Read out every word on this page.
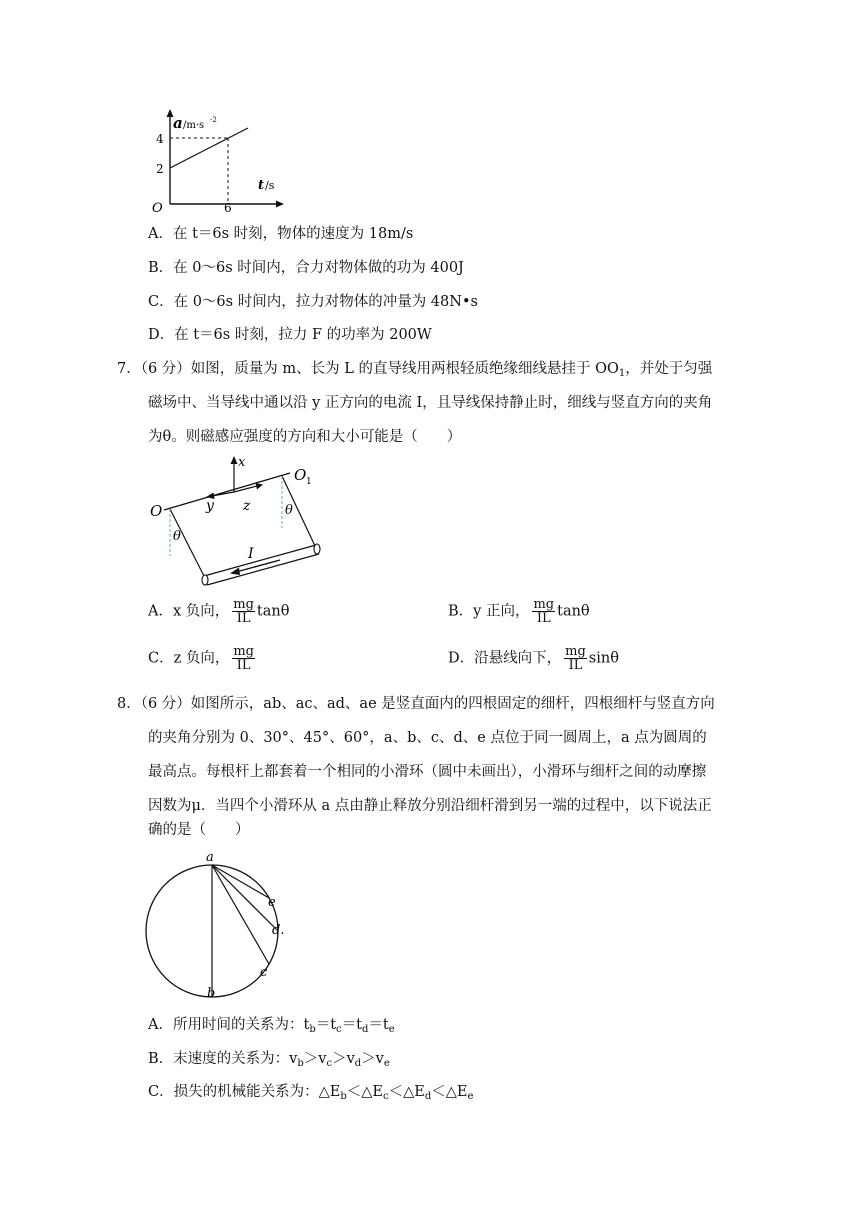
a /m·s -2
4
2
O	6
t /s
A．在 t＝6s 时刻，物体的速度为 18m/s
B．在 0～6s 时间内，合力对物体做的功为 400J
C．在 0～6s 时间内，拉力对物体的冲量为 48N•s
D．在 t＝6s 时刻，拉力 F 的功率为 200W
7．（6 分）如图，质量为 m、长为 L 的直导线用两根轻质绝缘细线悬挂于 $OO_1$，并处于匀强
磁场中、当导线中通以沿 y 正方向的电流 I，且导线保持静止时，细线与竖直方向的夹角
为θ。则磁感应强度的方向和大小可能是（　　）
x
y z
O
O 1
θ
θ
I
A．x 负向， $\frac{mg}{IL}$ tanθ	B．y 正向， $\frac{mg}{IL}$ tanθ
C．z 负向， $\frac{mg}{IL}$	D．沿悬线向下， $\frac{mg}{IL}$ sinθ
8．（6 分）如图所示，ab、ac、ad、ae 是竖直面内的四根固定的细杆，四根细杆与竖直方向
的夹角分别为 0、30°、45°、60°，a、b、c、d、e 点位于同一圆周上，a 点为圆周的
最高点。每根杆上都套着一个相同的小滑环（圆中未画出），小滑环与细杆之间的动摩擦
因数为μ．当四个小滑环从 a 点由静止释放分别沿细杆滑到另一端的过程中，以下说法正
确的是（　　）
a
b
c
d.
e
A．所用时间的关系为：$t_b=t_c=t_d=t_e$
B．末速度的关系为：$v_b>v_c>v_d>v_e$
C．损失的机械能关系为：$\triangle E_b<\triangle E_c<\triangle E_d<\triangle E_e$
